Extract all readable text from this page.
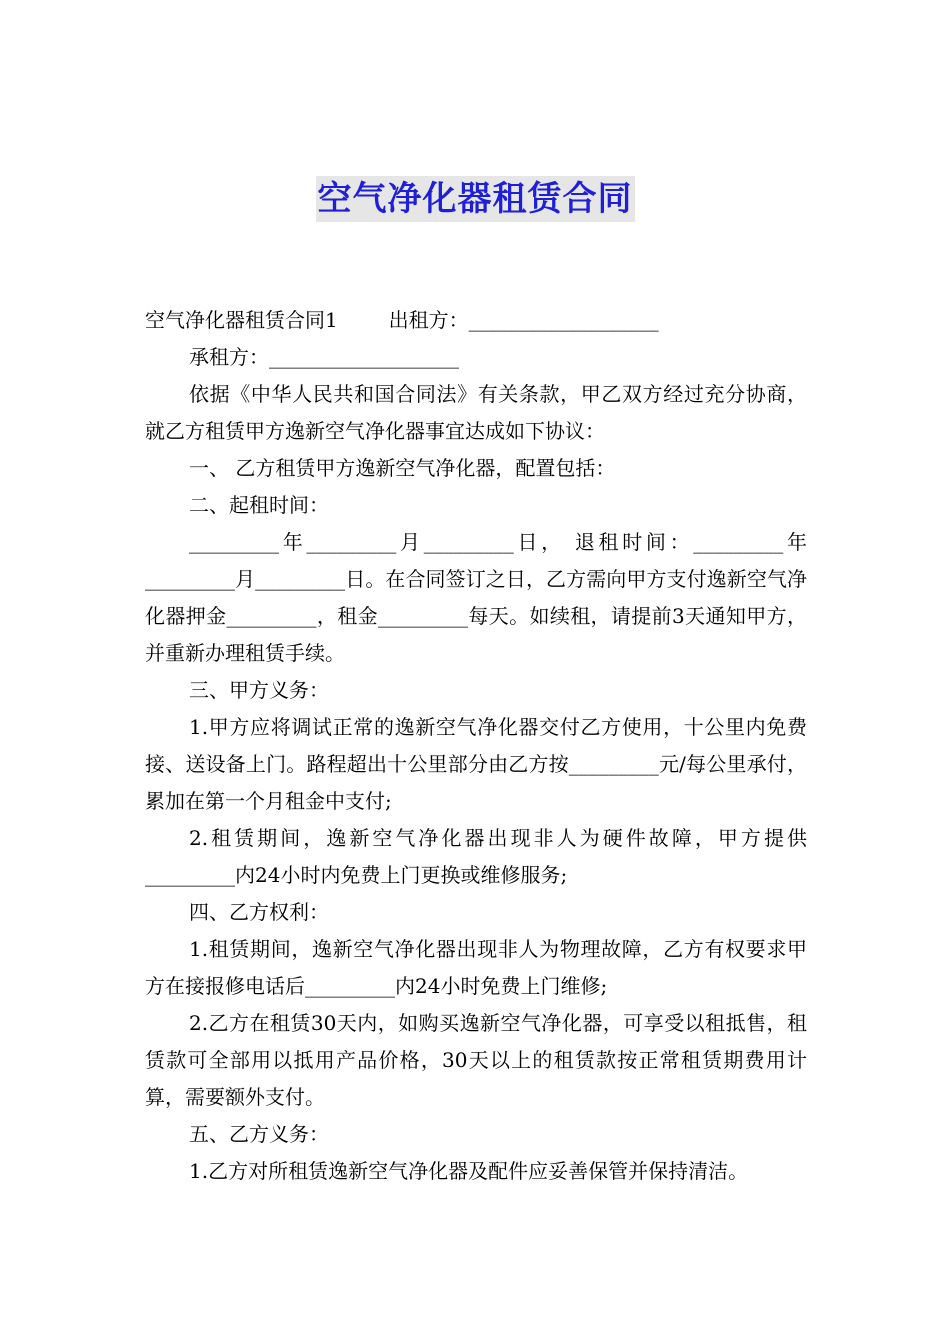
空气净化器租赁合同

空气净化器租赁合同1        出租方：___________________

承租方：___________________

依据《中华人民共和国合同法》有关条款，甲乙双方经过充分协商，就乙方租赁甲方逸新空气净化器事宜达成如下协议：

一、 乙方租赁甲方逸新空气净化器，配置包括：

二、起租时间：

_________年_________月_________日， 退租时间：_________年_________月_________日。在合同签订之日，乙方需向甲方支付逸新空气净化器押金_________，租金_________每天。如续租，请提前3天通知甲方，并重新办理租赁手续。

三、甲方义务：

1.甲方应将调试正常的逸新空气净化器交付乙方使用，十公里内免费接、送设备上门。路程超出十公里部分由乙方按_________元/每公里承付，累加在第一个月租金中支付;

2.租赁期间，逸新空气净化器出现非人为硬件故障，甲方提供_________内24小时内免费上门更换或维修服务;

四、乙方权利：

1.租赁期间，逸新空气净化器出现非人为物理故障，乙方有权要求甲方在接报修电话后_________内24小时免费上门维修;

2.乙方在租赁30天内，如购买逸新空气净化器，可享受以租抵售，租赁款可全部用以抵用产品价格，30天以上的租赁款按正常租赁期费用计算，需要额外支付。

五、乙方义务：

1.乙方对所租赁逸新空气净化器及配件应妥善保管并保持清洁。
